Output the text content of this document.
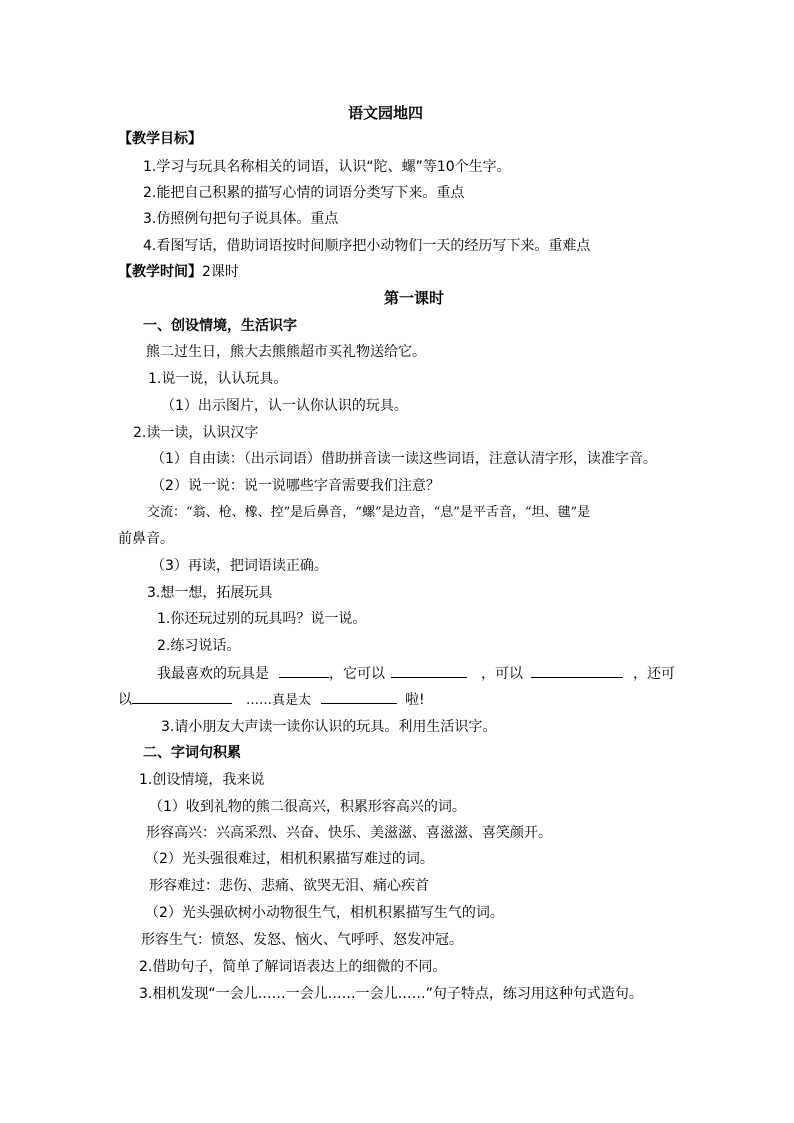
语文园地四
【教学目标】
1.学习与玩具名称相关的词语，认识“陀、螺”等10个生字。
2.能把自己积累的描写心情的词语分类写下来。重点
3.仿照例句把句子说具体。重点
4.看图写话，借助词语按时间顺序把小动物们一天的经历写下来。重难点
【教学时间】2课时
第一课时
一、创设情境，生活识字
熊二过生日，熊大去熊熊超市买礼物送给它。
1.说一说，认认玩具。
（1）出示图片，认一认你认识的玩具。
2.读一读，认识汉字
（1）自由读：（出示词语）借助拼音读一读这些词语，注意认清字形，读准字音。
（2）说一说：说一说哪些字音需要我们注意？
交流：“翁、枪、橡、控”是后鼻音，“螺”是边音，“息”是平舌音，“坦、毽”是
前鼻音。
（3）再读，把词语读正确。
3.想一想，拓展玩具
1.你还玩过别的玩具吗？说一说。
2.练习说话。
我最喜欢的玩具是	，它可以	，可以	，还可
以	……真是太	啦!
3.请小朋友大声读一读你认识的玩具。利用生活识字。
二、字词句积累
1.创设情境，我来说
（1）收到礼物的熊二很高兴，积累形容高兴的词。
形容高兴：兴高采烈、兴奋、快乐、美滋滋、喜滋滋、喜笑颜开。
（2）光头强很难过，相机积累描写难过的词。
形容难过：悲伤、悲痛、欲哭无泪、痛心疾首
（2）光头强砍树小动物很生气，相机积累描写生气的词。
形容生气：愤怒、发怒、恼火、气呼呼、怒发冲冠。
2.借助句子，简单了解词语表达上的细微的不同。
3.相机发现“一会儿……一会儿……一会儿……”句子特点，练习用这种句式造句。
